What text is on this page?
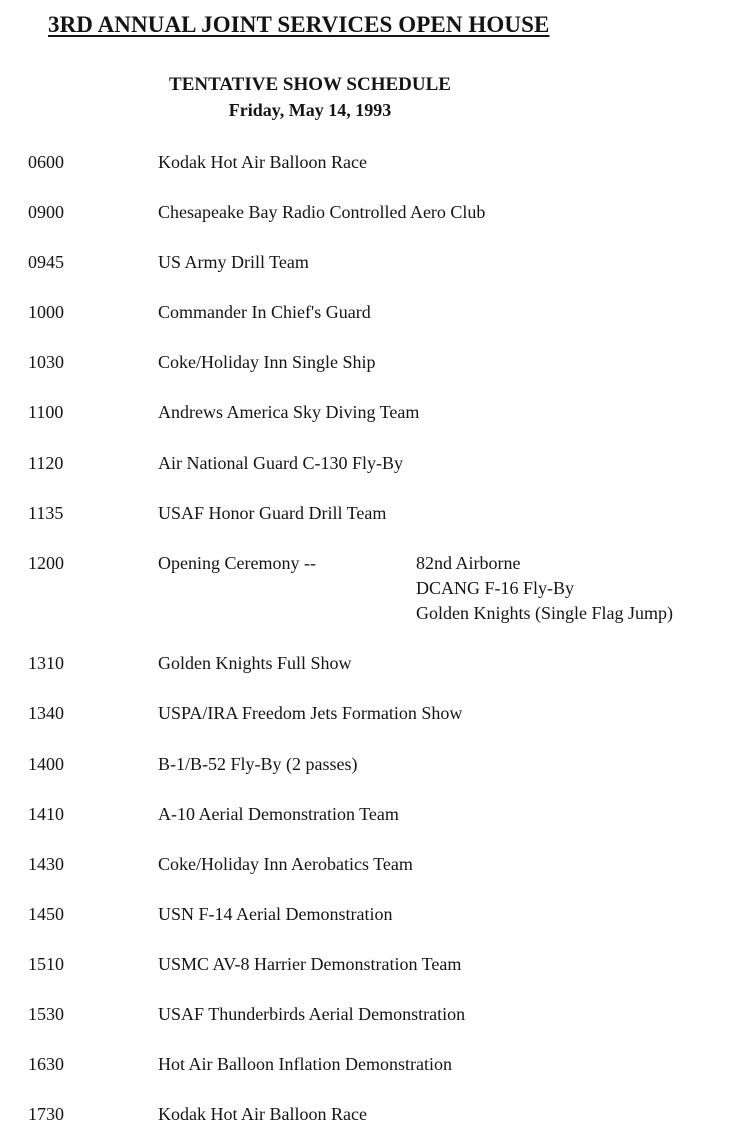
3RD ANNUAL JOINT SERVICES OPEN HOUSE
TENTATIVE SHOW SCHEDULE
Friday, May 14, 1993
0600	Kodak Hot Air Balloon Race
0900	Chesapeake Bay Radio Controlled Aero Club
0945	US Army Drill Team
1000	Commander In Chief's Guard
1030	Coke/Holiday Inn Single Ship
1100	Andrews America Sky Diving Team
1120	Air National Guard C-130 Fly-By
1135	USAF Honor Guard Drill Team
1200	Opening Ceremony --	82nd Airborne
DCANG F-16 Fly-By
Golden Knights (Single Flag Jump)
1310	Golden Knights Full Show
1340	USPA/IRA Freedom Jets Formation Show
1400	B-1/B-52 Fly-By (2 passes)
1410	A-10 Aerial Demonstration Team
1430	Coke/Holiday Inn Aerobatics Team
1450	USN F-14 Aerial Demonstration
1510	USMC AV-8 Harrier Demonstration Team
1530	USAF Thunderbirds Aerial Demonstration
1630	Hot Air Balloon Inflation Demonstration
1730	Kodak Hot Air Balloon Race
